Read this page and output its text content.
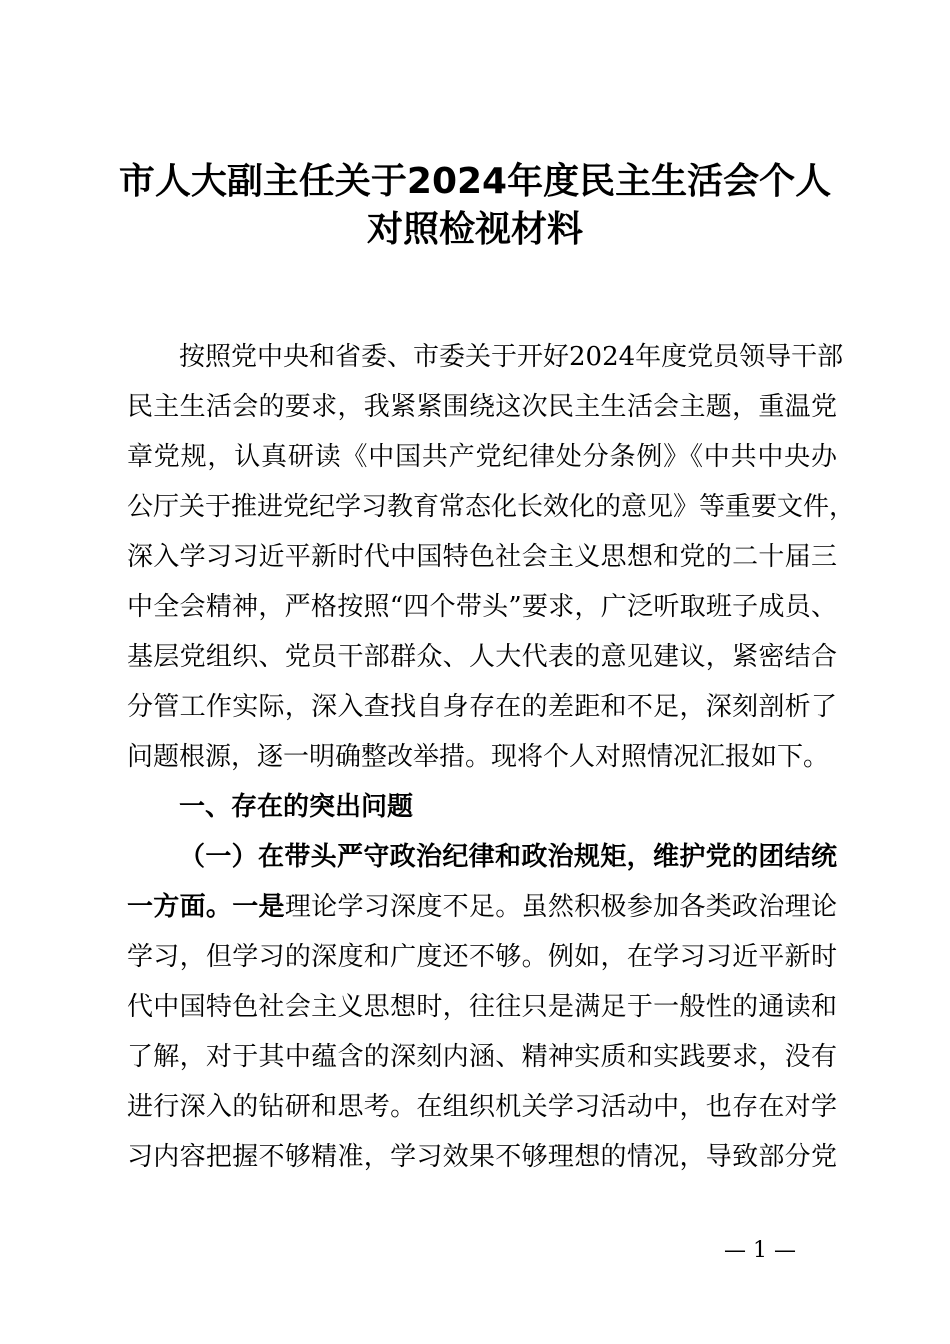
市人大副主任关于2024年度民主生活会个人
对照检视材料
按照党中央和省委、市委关于开好2024年度党员领导干部
民主生活会的要求，我紧紧围绕这次民主生活会主题，重温党
章党规，认真研读《中国共产党纪律处分条例》《中共中央办
公厅关于推进党纪学习教育常态化长效化的意见》等重要文件，
深入学习习近平新时代中国特色社会主义思想和党的二十届三
中全会精神，严格按照“四个带头”要求，广泛听取班子成员、
基层党组织、党员干部群众、人大代表的意见建议，紧密结合
分管工作实际，深入查找自身存在的差距和不足，深刻剖析了
问题根源，逐一明确整改举措。现将个人对照情况汇报如下。
一、存在的突出问题
（一）在带头严守政治纪律和政治规矩，维护党的团结统
一方面。一是理论学习深度不足。虽然积极参加各类政治理论
学习，但学习的深度和广度还不够。例如，在学习习近平新时
代中国特色社会主义思想时，往往只是满足于一般性的通读和
了解，对于其中蕴含的深刻内涵、精神实质和实践要求，没有
进行深入的钻研和思考。在组织机关学习活动中，也存在对学
习内容把握不够精准，学习效果不够理想的情况，导致部分党
— 1 —
